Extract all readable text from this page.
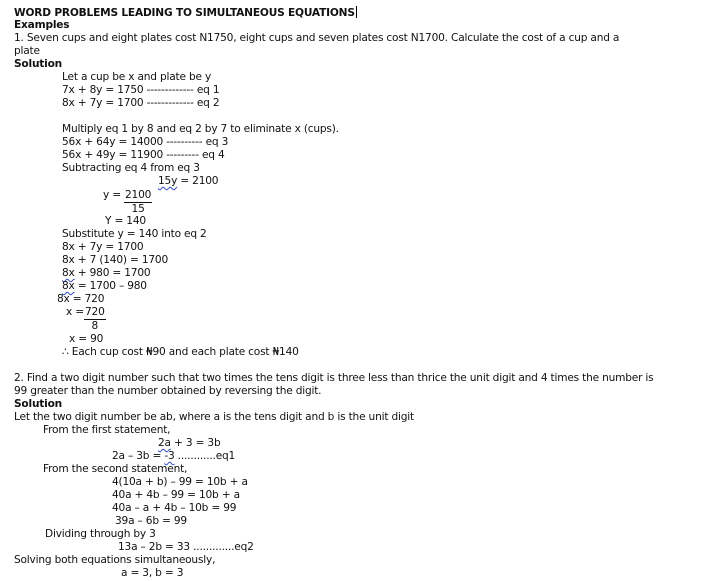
WORD PROBLEMS LEADING TO SIMULTANEOUS EQUATIONS
Examples
1. Seven cups and eight plates cost N1750, eight cups and seven plates cost N1700. Calculate the cost of a cup and a
plate
Solution
Let a cup be x and plate be y
7x + 8y = 1750 ------------- eq 1
8x + 7y = 1700 ------------- eq 2
Multiply eq 1 by 8 and eq 2 by 7 to eliminate x (cups).
56x + 64y = 14000 ---------- eq 3
56x + 49y = 11900 --------- eq 4
Subtracting eq 4 from eq 3
15y = 2100
$y = \frac{2100}{15}$
Y = 140
Substitute y = 140 into eq 2
8x + 7y = 1700
8x + 7 (140) = 1700
8x + 980 = 1700
8x = 1700 – 980
8x = 720
$x = \frac{720}{8}$
x = 90
∴ Each cup cost ₦90 and each plate cost ₦140
2. Find a two digit number such that two times the tens digit is three less than thrice the unit digit and 4 times the number is
99 greater than the number obtained by reversing the digit.
Solution
Let the two digit number be ab, where a is the tens digit and b is the unit digit
From the first statement,
2a + 3 = 3b
2a – 3b = -3 ............eq1
From the second statement,
4(10a + b) – 99 = 10b + a
40a + 4b – 99 = 10b + a
40a – a + 4b – 10b = 99
39a – 6b = 99
Dividing through by 3
13a – 2b = 33 .............eq2
Solving both equations simultaneously,
a = 3, b = 3
